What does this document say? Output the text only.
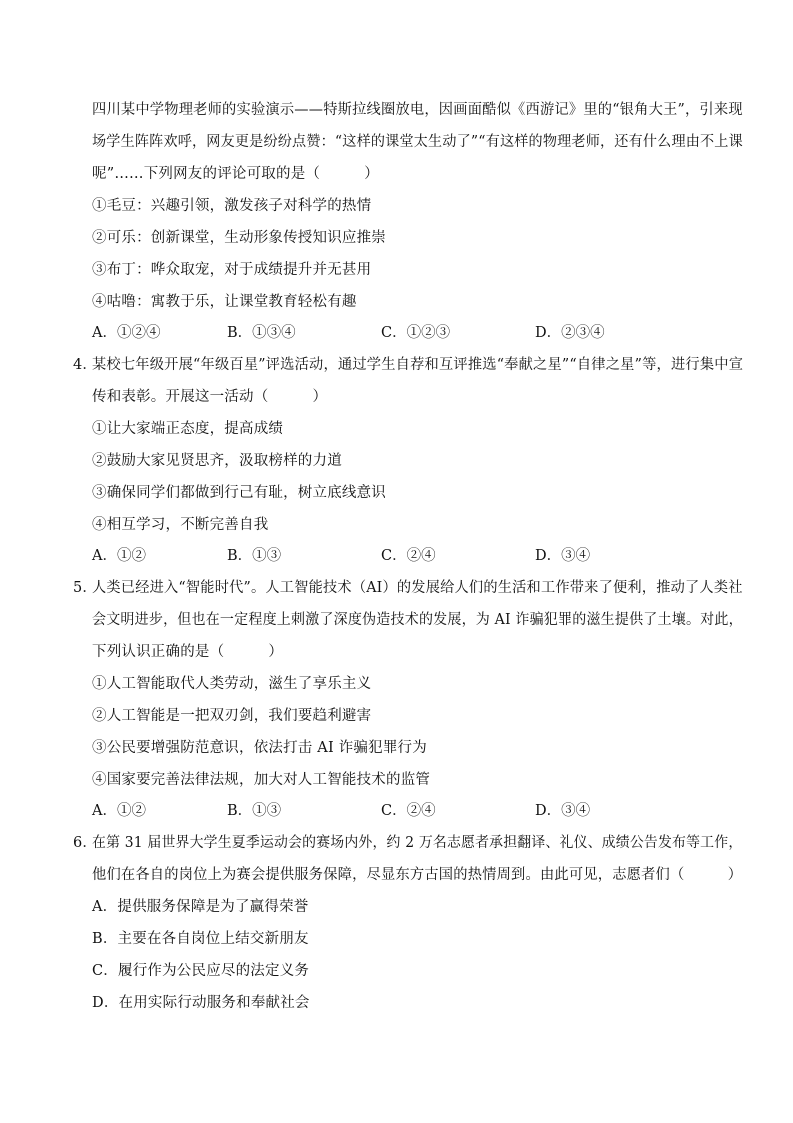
四川某中学物理老师的实验演示——特斯拉线圈放电，因画面酷似《西游记》里的“银角大王”，引来现
场学生阵阵欢呼，网友更是纷纷点赞：“这样的课堂太生动了”“有这样的物理老师，还有什么理由不上课
呢”……下列网友的评论可取的是（　　　）
①毛豆：兴趣引领，激发孩子对科学的热情
②可乐：创新课堂，生动形象传授知识应推崇
③布丁：哗众取宠，对于成绩提升并无甚用
④咕噜：寓教于乐，让课堂教育轻松有趣
A．①②④	B．①③④	C．①②③	D．②③④
4．
某校七年级开展“年级百星”评选活动，通过学生自荐和互评推选“奉献之星”“自律之星”等，进行集中宣
传和表彰。开展这一活动（　　　）
①让大家端正态度，提高成绩
②鼓励大家见贤思齐，汲取榜样的力道
③确保同学们都做到行己有耻，树立底线意识
④相互学习，不断完善自我
A．①②	B．①③	C．②④	D．③④
5．
人类已经进入“智能时代”。人工智能技术（AI）的发展给人们的生活和工作带来了便利，推动了人类社
会文明进步，但也在一定程度上刺激了深度伪造技术的发展，为 AI 诈骗犯罪的滋生提供了土壤。对此，
下列认识正确的是（　　　）
①人工智能取代人类劳动，滋生了享乐主义
②人工智能是一把双刃剑，我们要趋利避害
③公民要增强防范意识，依法打击 AI 诈骗犯罪行为
④国家要完善法律法规，加大对人工智能技术的监管
A．①②	B．①③	C．②④	D．③④
6．
在第 31 届世界大学生夏季运动会的赛场内外，约 2 万名志愿者承担翻译、礼仪、成绩公告发布等工作，
他们在各自的岗位上为赛会提供服务保障，尽显东方古国的热情周到。由此可见，志愿者们（　　　）
A．提供服务保障是为了赢得荣誉
B．主要在各自岗位上结交新朋友
C．履行作为公民应尽的法定义务
D．在用实际行动服务和奉献社会
